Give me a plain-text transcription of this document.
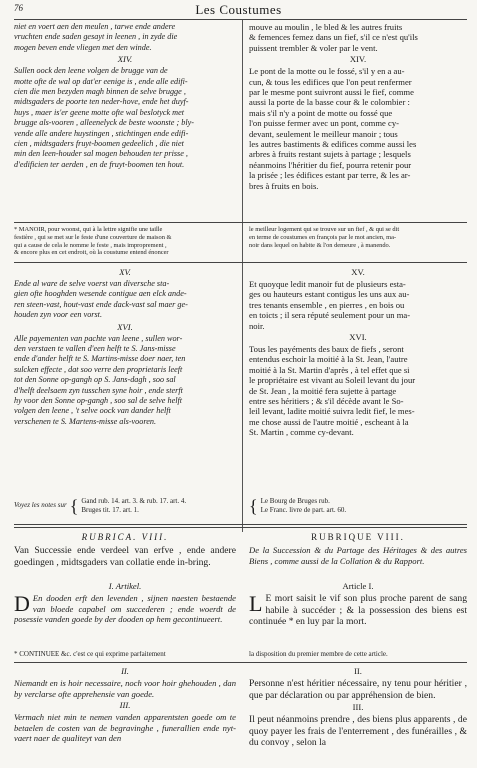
76	Les Coustumes
niet en voert aen den meulen , tarwe ende andere
vruchten ende saden gesayt in leenen , in zyde die
mogen beven ende vliegen met den winde.
XIV.
Sullen oock den leene volgen de brugge van de
motte ofte de wal op dat'er eenige is , ende alle edifi-
cien die men bezyden magh binnen de selve brugge ,
midtsgaders de poorte ten neder-hove, ende het duyf-
huys , maer is'er geene motte ofte wal beslotyck met
brugge als-vooren , alleenelyck de beste woonste ; bly-
vende alle andere huystingen , stichtingen ende edifi-
cien , midtsgaders fruyt-boomen gedeelich , die niet
min den leen-houder sal mogen behouden ter prisse ,
d'edificien ter aerden , en de fruyt-boomen ten hout.
mouve au moulin , le bled & les autres fruits
& femences femez dans un fief, s'il ce n'est qu'ils
puissent trembler & voler par le vent.
XIV.
Le pont de la motte ou le fossé, s'il y en a au-
cun, & tous les edifices que l'on peut renfermer
par le mesme pont suivront aussi le fief, comme
aussi la porte de la basse cour & le colombier :
mais s'il n'y a point de motte ou fossé que
l'on puisse fermer avec un pont, comme cy-
devant, seulement le meilleur manoir ; tous
les autres bastiments & edifices comme aussi les
arbres à fruits restant sujets à partage ; lesquels
néanmoins l'héritier du fief, pourra retenir pour
la prisée ; les édifices estant par terre, & les ar-
bres à fruits en bois.
* MANOIR, pour woonst, qui à la lettre signifie une taille
festière , qui se met sur le feste d'une couverture de maison &
qui a cause de cela le nomme le feste , mais improprement ,
& encore plus en cet endroit, où la coustume entend énoncer
le meilleur logement qui se trouve sur un fief , & qui se dit
en terme de coustumes en françois par le mot ancien, ma-
noir dans lequel on habite & l'on demeure , à manendo.
XV.
Ende al ware de selve voerst van diversche sta-
gien ofte hooghden wesende contigue aen elck ande-
ren steen-vast, hout-vast ende dack-vast sal maer ge-
houden zyn voor een vorst.
XVI.
Alle payementen van pachte van leene , sullen wor-
den verstaen te vallen d'een helft te S. Jans-misse
ende d'ander helft te S. Martins-misse doer naer, ten
sulcken effecte , dat soo verre den proprietaris leeft
tot den Sonne op-gangh op S. Jans-dagh , soo sal
d'helft deelsaem zyn tusschen syne hoir , ende sterft
hy voor den Sonne op-gangh , soo sal de selve helft
volgen den leene , 't selve oock van dander helft
verschenen te S. Martens-misse als-vooren.
XV.
Et quoyque ledit manoir fut de plusieurs esta-
ges ou hauteurs estant contigus les uns aux au-
tres tenants ensemble , en pierres , en bois ou
en toicts ; il sera réputé seulement pour un ma-
noir.
XVI.
Tous les payéments des baux de fiefs , seront
entendus eschoir la moitié à la St. Jean, l'autre
moitié à la St. Martin d'après , à tel effet que si
le propriétaire est vivant au Soleil levant du jour
de St. Jean , la moitié fera sujette à partage
entre ses héritiers ; & s'il décède avant le So-
leil levant, ladite moitié suivra ledit fief, le mes-
me chose aussi de l'autre moitié , escheant à la
St. Martin , comme cy-devant.
Voyez les notes sur { Gand rub. 14. art. 3. & rub. 17. art. 4.
Bruges tit. 17. art. 1.	{ Le Bourg de Bruges rub.
Le Franc. livre de part. art. 60.
RUBRICA. VIII.

Van Successie ende verdeel van erfve , ende andere goedingen , midtsgaders van collatie ende in-bring.

RUBRIQUE VIII.

De la Succession & du Partage des Héritages & des autres Biens , comme aussi de la Collation & du Rapport.

I. Artikel.

D En dooden erft den levenden , sijnen naesten bestaende van bloede capabel om succederen ; ende woerdt de posessie vanden goede by der dooden op hem gecontinueert.

Article I.

L E mort saisit le vif son plus proche parent de sang habile à succéder ; & la possession des biens est continuée * en luy par la mort.

* CONTINUÉE &c. c'est ce qui exprime parfaitement	la disposition du premier membre de cette article.
II.

Niemandt en is hoir necessaire, noch voor hoir ghehouden , dan by verclarse ofte apprehensie van goede.

III.

Vermach niet min te nemen vanden apparentsten goede om te betaelen de costen van de begravinghe , funerallien ende nyt-vaert naer de qualiteyt van den

II.

Personne n'est héritier nécessaire, ny tenu pour héritier , que par déclaration ou par appréhension de bien.

III.

Il peut néanmoins prendre , des biens plus apparents , de quoy payer les frais de l'enterrement , des funérailles , & du convoy , selon la
